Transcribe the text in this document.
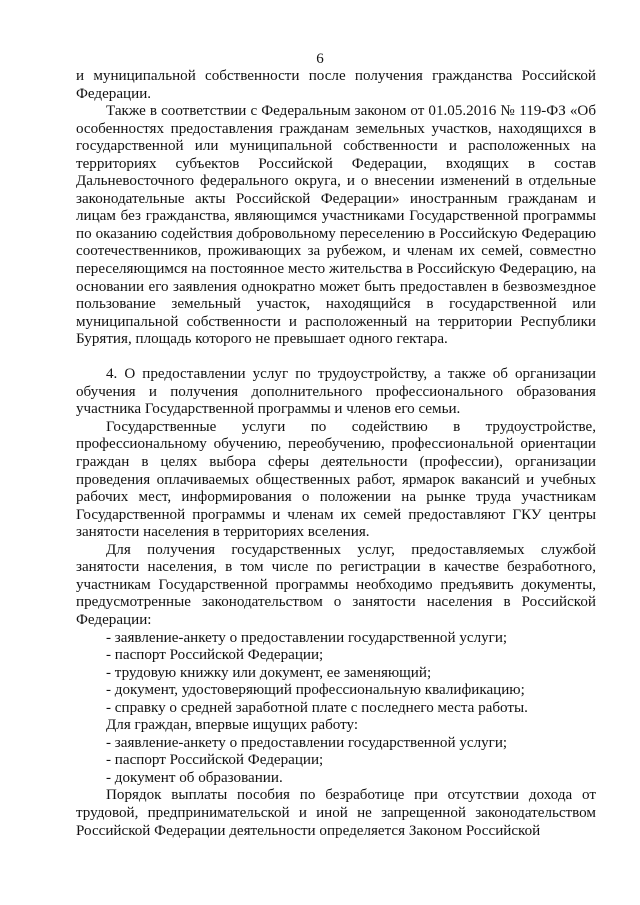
6

и муниципальной собственности после получения гражданства Российской Федерации.

Также в соответствии с Федеральным законом от 01.05.2016 № 119-ФЗ «Об особенностях предоставления гражданам земельных участков, находящихся в государственной или муниципальной собственности и расположенных на территориях субъектов Российской Федерации, входящих в состав Дальневосточного федерального округа, и о внесении изменений в отдельные законодательные акты Российской Федерации» иностранным гражданам и лицам без гражданства, являющимся участниками Государственной программы по оказанию содействия добровольному переселению в Российскую Федерацию соотечественников, проживающих за рубежом, и членам их семей, совместно переселяющимся на постоянное место жительства в Российскую Федерацию, на основании его заявления однократно может быть предоставлен в безвозмездное пользование земельный участок, находящийся в государственной или муниципальной собственности и расположенный на территории Республики Бурятия, площадь которого не превышает одного гектара.

4. О предоставлении услуг по трудоустройству, а также об организации обучения и получения дополнительного профессионального образования участника Государственной программы и членов его семьи.

Государственные услуги по содействию в трудоустройстве, профессиональному обучению, переобучению, профессиональной ориентации граждан в целях выбора сферы деятельности (профессии), организации проведения оплачиваемых общественных работ, ярмарок вакансий и учебных рабочих мест, информирования о положении на рынке труда участникам Государственной программы и членам их семей предоставляют ГКУ центры занятости населения в территориях вселения.

Для получения государственных услуг, предоставляемых службой занятости населения, в том числе по регистрации в качестве безработного, участникам Государственной программы необходимо предъявить документы, предусмотренные законодательством о занятости населения в Российской Федерации:

- заявление-анкету о предоставлении государственной услуги;
- паспорт Российской Федерации;
- трудовую книжку или документ, ее заменяющий;
- документ, удостоверяющий профессиональную квалификацию;
- справку о средней заработной плате с последнего места работы.

Для граждан, впервые ищущих работу:

- заявление-анкету о предоставлении государственной услуги;
- паспорт Российской Федерации;
- документ об образовании.

Порядок выплаты пособия по безработице при отсутствии дохода от трудовой, предпринимательской и иной не запрещенной законодательством Российской Федерации деятельности определяется Законом Российской
